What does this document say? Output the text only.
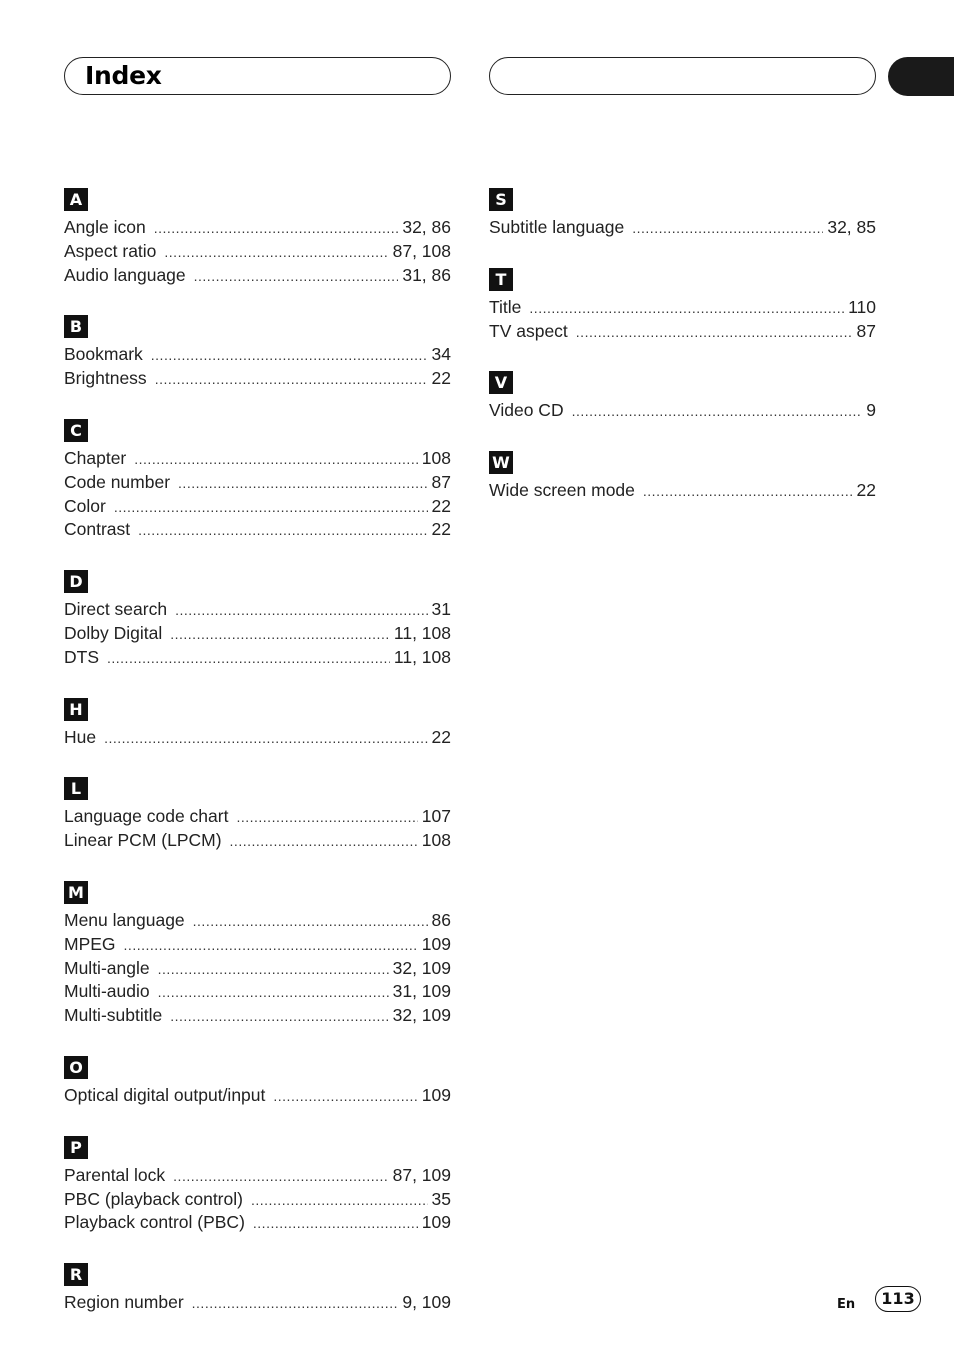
Index
A
Angle icon .....	32, 86
Aspect ratio .....	87, 108
Audio language .....	31, 86
B
Bookmark .....	34
Brightness .....	22
C
Chapter .....	108
Code number .....	87
Color .....	22
Contrast .....	22
D
Direct search .....	31
Dolby Digital .....	11, 108
DTS .....	11, 108
H
Hue .....	22
L
Language code chart .....	107
Linear PCM (LPCM) .....	108
M
Menu language .....	86
MPEG .....	109
Multi-angle .....	32, 109
Multi-audio .....	31, 109
Multi-subtitle .....	32, 109
O
Optical digital output/input .....	109
P
Parental lock .....	87, 109
PBC (playback control) .....	35
Playback control (PBC) .....	109
R
Region number .....	9, 109
S
Subtitle language .....	32, 85
T
Title .....	110
TV aspect .....	87
V
Video CD .....	9
W
Wide screen mode .....	22
En	113
